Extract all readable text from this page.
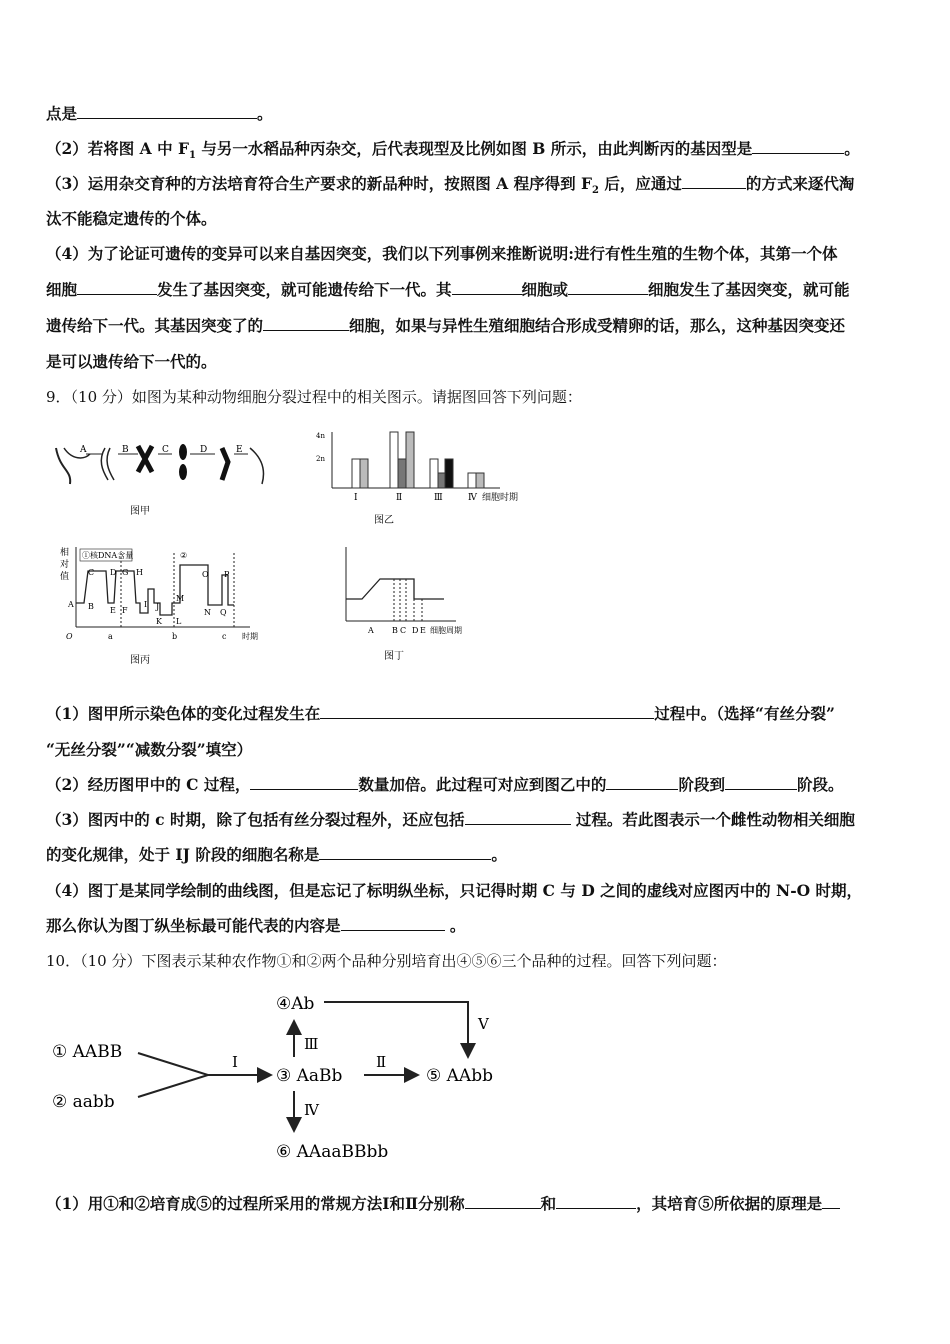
点是	。
（2）若将图 A 中 $F_1$ 与另一水稻品种丙杂交，后代表现型及比例如图 B 所示，由此判断丙的基因型是	。
（3）运用杂交育种的方法培育符合生产要求的新品种时，按照图 A 程序得到 $F_2$ 后，应通过	的方式来逐代淘
汰不能稳定遗传的个体。
（4）为了论证可遗传的变异可以来自基因突变，我们以下列事例来推断说明:进行有性生殖的生物个体，其第一个体
细胞	发生了基因突变，就可能遗传给下一代。其	细胞或	细胞发生了基因突变，就可能
遗传给下一代。其基因突变了的	细胞，如果与异性生殖细胞结合形成受精卵的话，那么，这种基因突变还
是可以遗传给下一代的。
9．（10 分）如图为某种动物细胞分裂过程中的相关图示。请据图回答下列问题：
A	B	C	D	E
图甲
4n
2n
Ⅰ	Ⅱ	Ⅲ	Ⅳ 细胞时期
图乙
相
对
值
①核DNA含量	②
A B
C D
E F
G H
I J
K L
M
N
O P
Q
O	a	b	c 时期
图丙
A B C D E 细胞周期
图丁
（1）图甲所示染色体的变化过程发生在	过程中。（选择“有丝分裂”
“无丝分裂”“减数分裂”填空）
（2）经历图甲中的 C 过程，	数量加倍。此过程可对应到图乙中的	阶段到	阶段。
（3）图丙中的 c 时期，除了包括有丝分裂过程外，还应包括	过程。若此图表示一个雌性动物相关细胞
的变化规律，处于 IJ 阶段的细胞名称是	。
（4）图丁是某同学绘制的曲线图，但是忘记了标明纵坐标，只记得时期 C 与 D 之间的虚线对应图丙中的 N-O 时期，
那么你认为图丁纵坐标最可能代表的内容是	。
10．（10 分）下图表示某种农作物①和②两个品种分别培育出④⑤⑥三个品种的过程。回答下列问题：
① AABB
② aabb
Ⅰ
③ AaBb
Ⅱ
⑤ AAbb
Ⅲ
④Ab
Ⅴ
Ⅳ
⑥ AAaaBBbb
（1）用①和②培育成⑤的过程所采用的常规方法Ⅰ和Ⅱ分别称	和	，其培育⑤所依据的原理是
